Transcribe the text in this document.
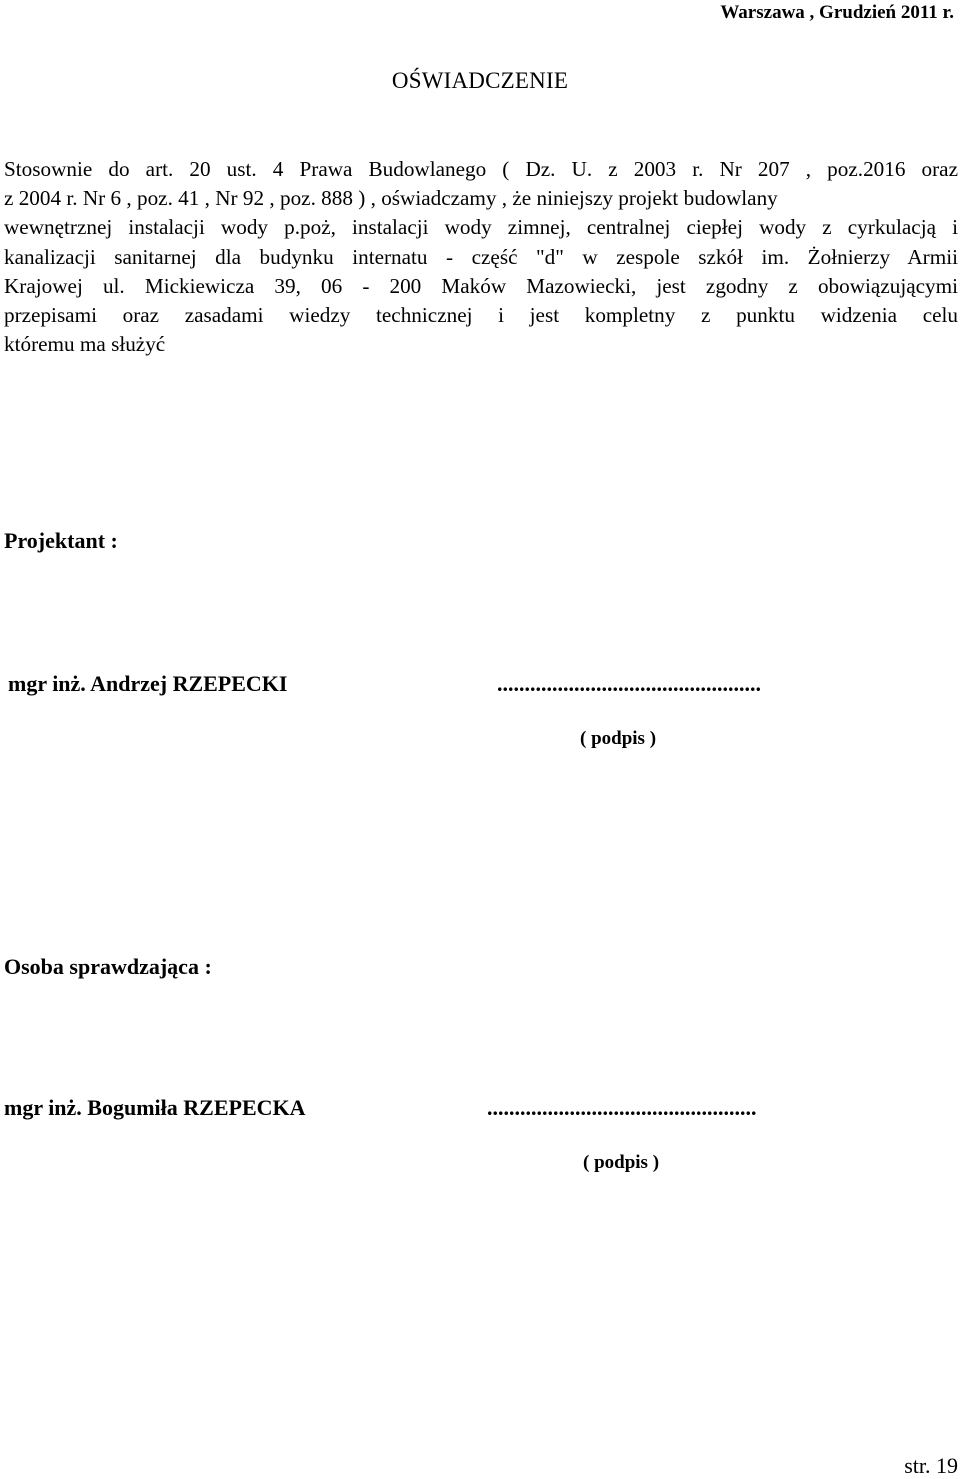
Warszawa , Grudzień 2011 r.
OŚWIADCZENIE
Stosownie do art. 20 ust. 4 Prawa Budowlanego ( Dz. U. z 2003 r. Nr 207 , poz.2016 oraz
z 2004 r. Nr 6 , poz. 41 , Nr 92 , poz. 888 ) , oświadczamy , że niniejszy projekt budowlany
wewnętrznej instalacji wody p.poż, instalacji wody zimnej, centralnej ciepłej wody z cyrkulacją i
kanalizacji sanitarnej dla budynku internatu - część "d" w zespole szkół im. Żołnierzy Armii
Krajowej ul. Mickiewicza 39, 06 - 200 Maków Mazowiecki, jest zgodny z obowiązującymi
przepisami oraz zasadami wiedzy technicznej i jest kompletny z punktu widzenia celu
któremu ma służyć
Projektant :
mgr inż. Andrzej RZEPECKI	................................................
( podpis )
Osoba sprawdzająca :
mgr inż. Bogumiła RZEPECKA	.................................................
( podpis )
str. 19
